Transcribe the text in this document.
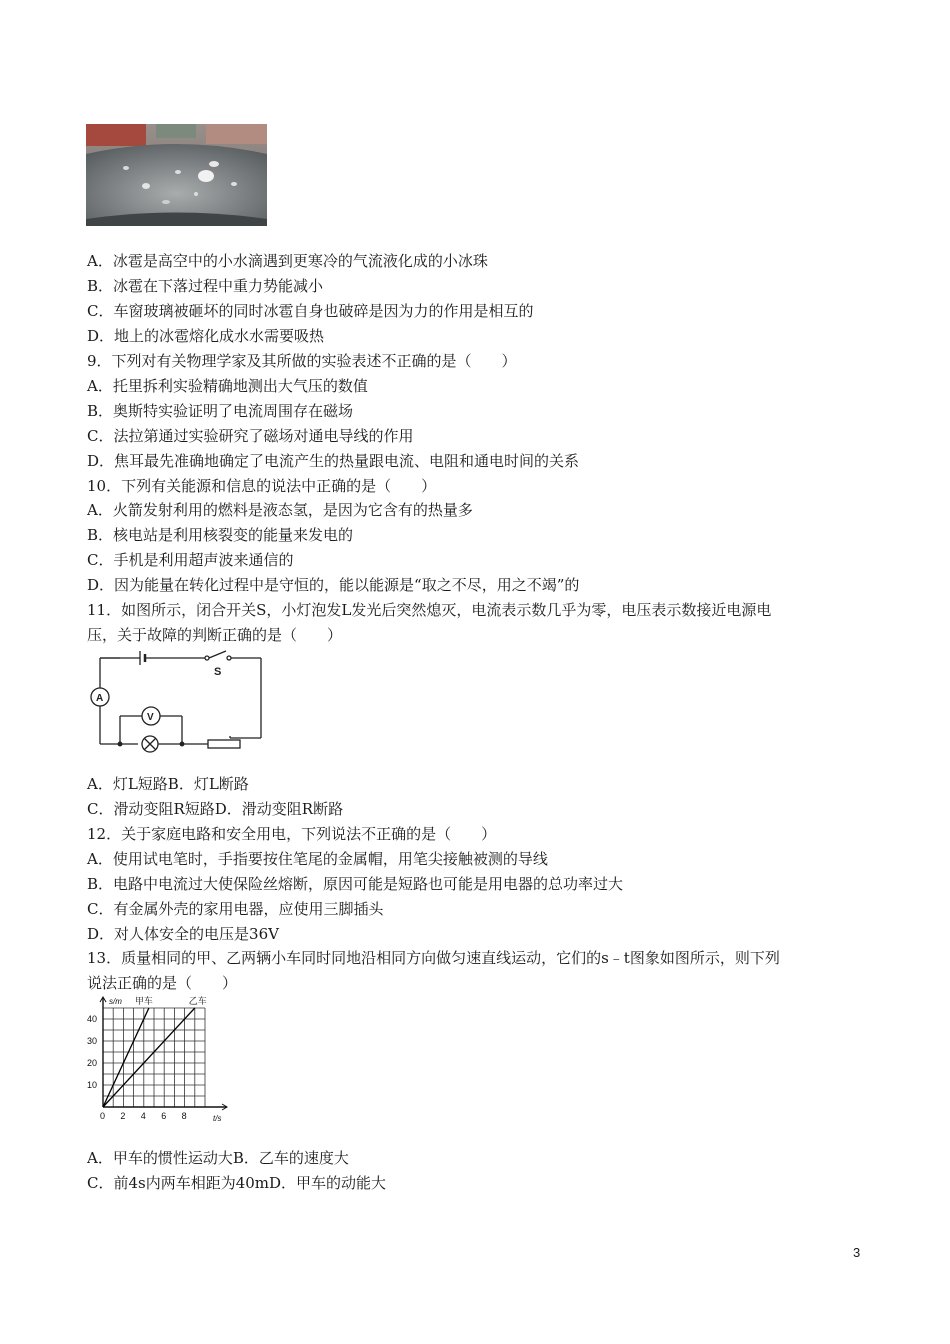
A．冰雹是高空中的小水滴遇到更寒冷的气流液化成的小冰珠
B．冰雹在下落过程中重力势能减小
C．车窗玻璃被砸坏的同时冰雹自身也破碎是因为力的作用是相互的
D．地上的冰雹熔化成水水需要吸热
9．下列对有关物理学家及其所做的实验表述不正确的是（　　）
A．托里拆利实验精确地测出大气压的数值
B．奥斯特实验证明了电流周围存在磁场
C．法拉第通过实验研究了磁场对通电导线的作用
D．焦耳最先准确地确定了电流产生的热量跟电流、电阻和通电时间的关系
10．下列有关能源和信息的说法中正确的是（　　）
A．火箭发射利用的燃料是液态氢，是因为它含有的热量多
B．核电站是利用核裂变的能量来发电的
C．手机是利用超声波来通信的
D．因为能量在转化过程中是守恒的，能以能源是“取之不尽，用之不竭”的
11．如图所示，闭合开关S，小灯泡发L发光后突然熄灭，电流表示数几乎为零，电压表示数接近电源电
压，关于故障的判断正确的是（　　）
S
A
V
A．灯L短路B．灯L断路
C．滑动变阻R短路D．滑动变阻R断路
12．关于家庭电路和安全用电，下列说法不正确的是（　　）
A．使用试电笔时，手指要按住笔尾的金属帽，用笔尖接触被测的导线
B．电路中电流过大使保险丝熔断，原因可能是短路也可能是用电器的总功率过大
C．有金属外壳的家用电器，应使用三脚插头
D．对人体安全的电压是36V
13．质量相同的甲、乙两辆小车同时同地沿相同方向做匀速直线运动，它们的s﹣t图象如图所示，则下列
说法正确的是（　　）
甲车	乙车
0 2 4 6 8
10
20
30
40
t/s
s/m
A．甲车的惯性运动大B．乙车的速度大
C．前4s内两车相距为40mD．甲车的动能大
3
